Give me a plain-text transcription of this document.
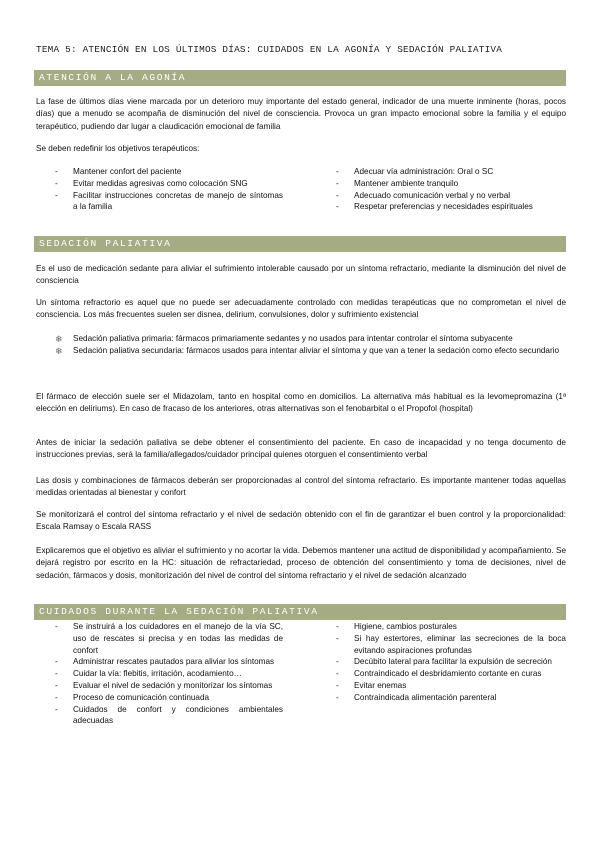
TEMA 5: ATENCIÓN EN LOS ÚLTIMOS DÍAS: CUIDADOS EN LA AGONÍA Y SEDACIÓN PALIATIVA
ATENCIÓN A LA AGONÍA

La fase de últimos días viene marcada por un deterioro muy importante del estado general, indicador de una muerte inminente (horas, pocos días) que a menudo se acompaña de disminución del nivel de consciencia. Provoca un gran impacto emocional sobre la familia y el equipo terapéutico, pudiendo dar lugar a claudicación emocional de familia

Se deben redefinir los objetivos terapéuticos:

- Mantener confort del paciente
- Evitar medidas agresivas como colocación SNG
- Facilitar instrucciones concretas de manejo de síntomas a la familia
- Adecuar vía administración: Oral o SC
- Mantener ambiente tranquilo
- Adecuado comunicación verbal y no verbal
- Respetar preferencias y necesidades espirituales
SEDACIÓN PALIATIVA

Es el uso de medicación sedante para aliviar el sufrimiento intolerable causado por un síntoma refractario, mediante la disminución del nivel de consciencia

Un síntoma refractorio es aquel que no puede ser adecuadamente controlado con medidas terapéuticas que no comprometan el nivel de consciencia. Los más frecuentes suelen ser disnea, delirium, convulsiones, dolor y sufrimiento existencial

❄ Sedación paliativa primaria: fármacos primariamente sedantes y no usados para intentar controlar el síntoma subyacente
❄ Sedación paliativa secundaria: fármacos usados para intentar aliviar el síntoma y que van a tener la sedación como efecto secundario

El fármaco de elección suele ser el Midazolam, tanto en hospital como en domicilios. La alternativa más habitual es la levomepromazina (1ª elección en deliriums). En caso de fracaso de los anteriores, otras alternativas son el fenobarbital o el Propofol (hospital)

Antes de iniciar la sedación paliativa se debe obtener el consentimiento del paciente. En caso de incapacidad y no tenga documento de instrucciones previas, será la familia/allegados/cuidador principal quienes otorguen el consentimiento verbal

Las dosis y combinaciones de fármacos deberán ser proporcionadas al control del síntoma refractario. Es importante mantener todas aquellas medidas orientadas al bienestar y confort

Se monitorizará el control del síntoma refractario y el nivel de sedación obtenido con el fin de garantizar el buen control y la proporcionalidad: Escala Ramsay o Escala RASS

Explicaremos que el objetivo es aliviar el sufrimiento y no acortar la vida. Debemos mantener una actitud de disponibilidad y acompañamiento. Se dejará registro por escrito en la HC: situación de refractariedad, proceso de obtención del consentimiento y toma de decisiones, nivel de sedación, fármacos y dosis, monitorización del nivel de control del síntoma refractario y el nivel de sedación alcanzado

CUIDADOS DURANTE LA SEDACIÓN PALIATIVA
- Se instruirá a los cuidadores en el manejo de la vía SC, uso de rescates si precisa y en todas las medidas de confort
- Administrar rescates pautados para aliviar los síntomas
- Cuidar la vía: flebitis, irritación, acodamiento…
- Evaluar el nivel de sedación y monitorizar los síntomas
- Proceso de comunicación continuada
- Cuidados de confort y condiciones ambientales adecuadas
- Higiene, cambios posturales
- Si hay estertores, eliminar las secreciones de la boca evitando aspiraciones profundas
- Decúbito lateral para facilitar la expulsión de secreción
- Contraindicado el desbridamiento cortante en curas
- Evitar enemas
- Contraindicada alimentación parenteral
